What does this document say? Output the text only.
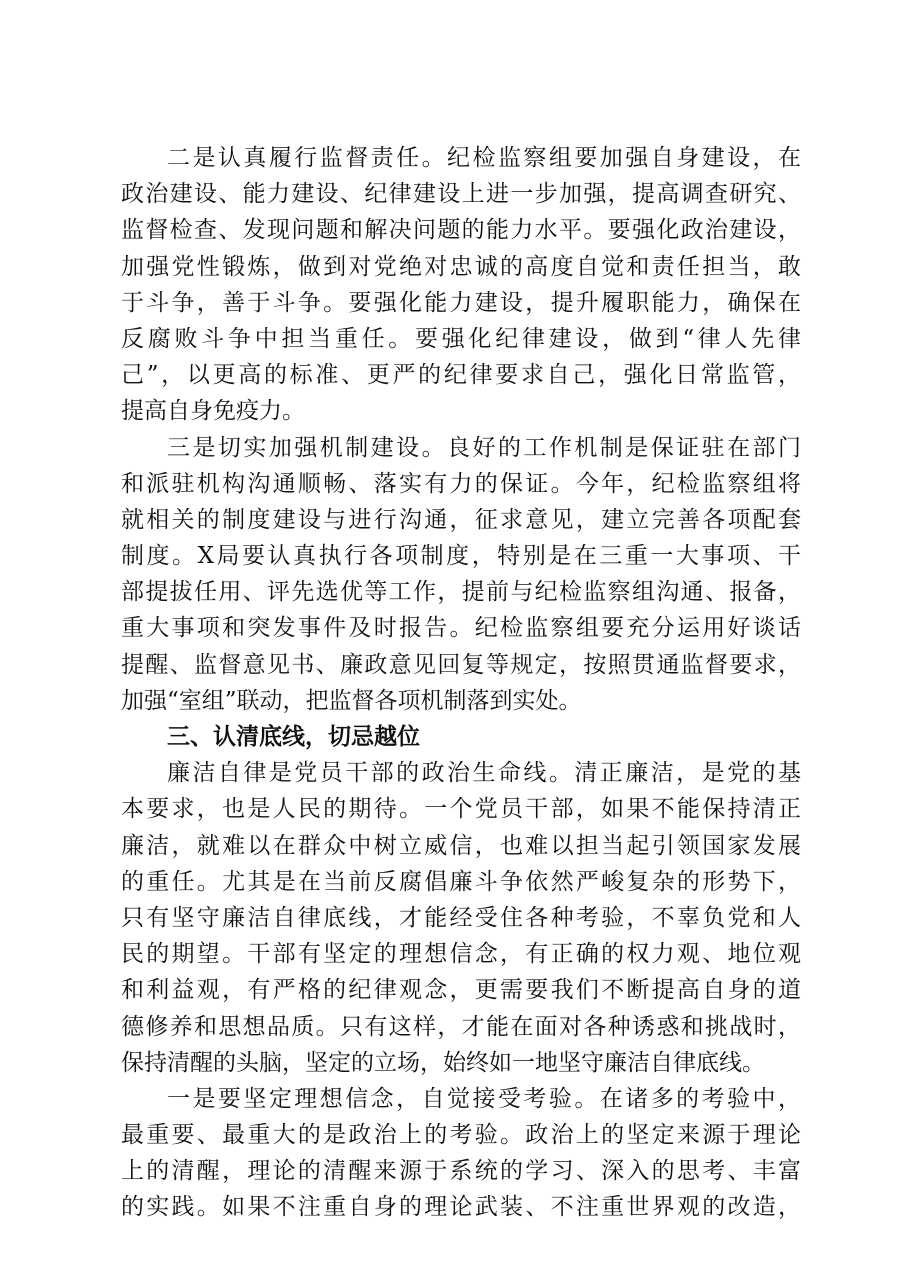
二是认真履行监督责任。纪检监察组要加强自身建设，在
政治建设、能力建设、纪律建设上进一步加强，提高调查研究、
监督检查、发现问题和解决问题的能力水平。要强化政治建设，
加强党性锻炼，做到对党绝对忠诚的高度自觉和责任担当，敢
于斗争，善于斗争。要强化能力建设，提升履职能力，确保在
反腐败斗争中担当重任。要强化纪律建设，做到“律人先律
己”，以更高的标准、更严的纪律要求自己，强化日常监管，
提高自身免疫力。
三是切实加强机制建设。良好的工作机制是保证驻在部门
和派驻机构沟通顺畅、落实有力的保证。今年，纪检监察组将
就相关的制度建设与进行沟通，征求意见，建立完善各项配套
制度。X局要认真执行各项制度，特别是在三重一大事项、干
部提拔任用、评先选优等工作，提前与纪检监察组沟通、报备，
重大事项和突发事件及时报告。纪检监察组要充分运用好谈话
提醒、监督意见书、廉政意见回复等规定，按照贯通监督要求，
加强“室组”联动，把监督各项机制落到实处。
三、认清底线，切忌越位
廉洁自律是党员干部的政治生命线。清正廉洁，是党的基
本要求，也是人民的期待。一个党员干部，如果不能保持清正
廉洁，就难以在群众中树立威信，也难以担当起引领国家发展
的重任。尤其是在当前反腐倡廉斗争依然严峻复杂的形势下，
只有坚守廉洁自律底线，才能经受住各种考验，不辜负党和人
民的期望。干部有坚定的理想信念，有正确的权力观、地位观
和利益观，有严格的纪律观念，更需要我们不断提高自身的道
德修养和思想品质。只有这样，才能在面对各种诱惑和挑战时，
保持清醒的头脑，坚定的立场，始终如一地坚守廉洁自律底线。
一是要坚定理想信念，自觉接受考验。在诸多的考验中，
最重要、最重大的是政治上的考验。政治上的坚定来源于理论
上的清醒，理论的清醒来源于系统的学习、深入的思考、丰富
的实践。如果不注重自身的理论武装、不注重世界观的改造，
